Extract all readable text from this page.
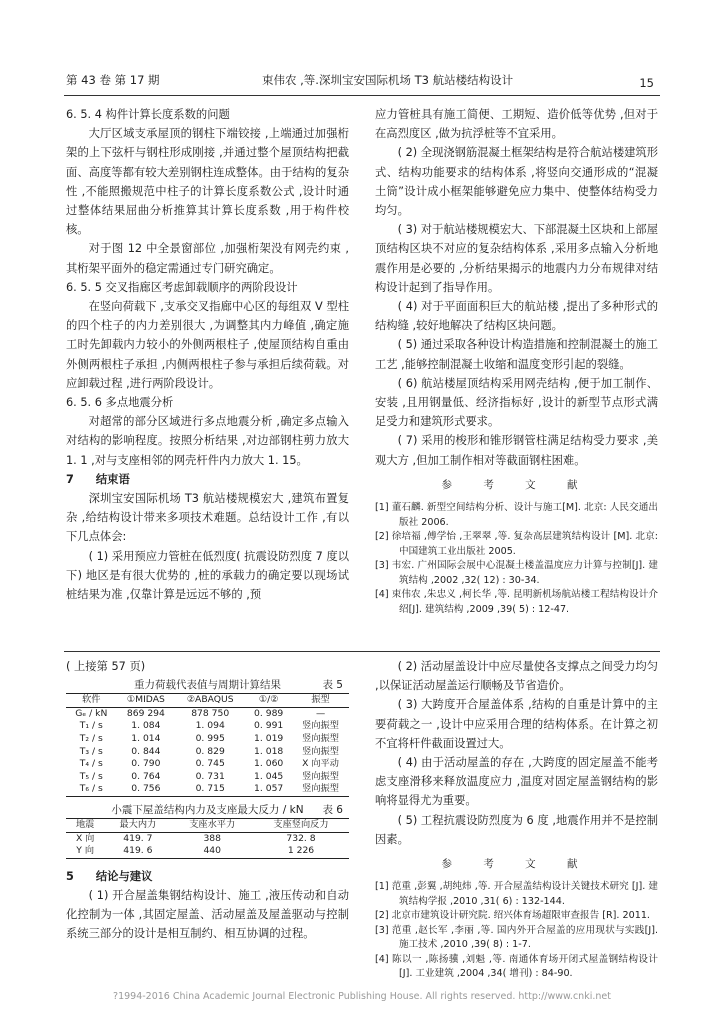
第 43 卷 第 17 期	束伟农 ,等.深圳宝安国际机场 T3 航站楼结构设计	15

6. 5. 4 构件计算长度系数的问题

大厅区域支承屋顶的钢柱下端铰接 ,上端通过加强桁架的上下弦杆与钢柱形成刚接 ,并通过整个屋顶结构把截面、高度等都有较大差别钢柱连成整体。由于结构的复杂性 ,不能照搬规范中柱子的计算长度系数公式 ,设计时通过整体结果屈曲分析推算其计算长度系数 ,用于构件校核。

对于图 12 中全景窗部位 ,加强桁架没有网壳约束 ,其桁架平面外的稳定需通过专门研究确定。

6. 5. 5 交叉指廊区考虑卸载顺序的两阶段设计

在竖向荷载下 ,支承交叉指廊中心区的每组双 V 型柱的四个柱子的内力差别很大 ,为调整其内力峰值 ,确定施工时先卸载内力较小的外侧两根柱子 ,使屋顶结构自重由外侧两根柱子承担 ,内侧两根柱子参与承担后续荷载。对应卸载过程 ,进行两阶段设计。

6. 5. 6 多点地震分析

对超常的部分区域进行多点地震分析 ,确定多点输入对结构的影响程度。按照分析结果 ,对边部钢柱剪力放大 1. 1 ,对与支座相邻的网壳杆件内力放大 1. 15。

7 结束语

深圳宝安国际机场 T3 航站楼规模宏大 ,建筑布置复杂 ,给结构设计带来多项技术难题。总结设计工作 ,有以下几点体会:

( 1) 采用预应力管桩在低烈度( 抗震设防烈度 7 度以下) 地区是有很大优势的 ,桩的承载力的确定要以现场试桩结果为准 ,仅靠计算是远远不够的 ,预

应力管桩具有施工简便、工期短、造价低等优势 ,但对于在高烈度区 ,做为抗浮桩等不宜采用。

( 2) 全现浇钢筋混凝土框架结构是符合航站楼建筑形式、结构功能要求的结构体系 ,将竖向交通形成的“混凝土筒”设计成小框架能够避免应力集中、使整体结构受力均匀。

( 3) 对于航站楼规模宏大、下部混凝土区块和上部屋顶结构区块不对应的复杂结构体系 ,采用多点输入分析地震作用是必要的 ,分析结果揭示的地震内力分布规律对结构设计起到了指导作用。

( 4) 对于平面面积巨大的航站楼 ,提出了多种形式的结构缝 ,较好地解决了结构区块问题。

( 5) 通过采取各种设计构造措施和控制混凝土的施工工艺 ,能够控制混凝土收缩和温度变形引起的裂缝。

( 6) 航站楼屋顶结构采用网壳结构 ,便于加工制作、安装 ,且用钢量低、经济指标好 ,设计的新型节点形式满足受力和建筑形式要求。

( 7) 采用的梭形和锥形钢管柱满足结构受力要求 ,美观大方 ,但加工制作相对等截面钢柱困难。

参 考 文 献

[1] 董石麟. 新型空间结构分析、设计与施工[M]. 北京: 人民交通出版社 2006.

[2] 徐培福 ,傅学怡 ,王翠翠 ,等. 复杂高层建筑结构设计 [M]. 北京: 中国建筑工业出版社 2005.

[3] 韦宏. 广州国际会展中心混凝土楼盖温度应力计算与控制[J]. 建筑结构 ,2002 ,32( 12) : 30-34.

[4] 束伟农 ,朱忠义 ,柯长华 ,等. 昆明新机场航站楼工程结构设计介绍[J]. 建筑结构 ,2009 ,39( 5) : 12-47.

( 上接第 57 页)

重力荷载代表值与周期计算结果	表 5
软件	①MIDAS	②ABAQUS	①/②	振型
Gₑ / kN	869 294	878 750	0. 989	—
T₁ / s	1. 084	1. 094	0. 991	竖向振型
T₂ / s	1. 014	0. 995	1. 019	竖向振型
T₃ / s	0. 844	0. 829	1. 018	竖向振型
T₄ / s	0. 790	0. 745	1. 060	X 向平动
T₅ / s	0. 764	0. 731	1. 045	竖向振型
T₆ / s	0. 756	0. 715	1. 057	竖向振型
小震下屋盖结构内力及支座最大反力 / kN	表 6
地震	最大内力	支座水平力	支座竖向反力
X 向	419. 7	388	732. 8
Y 向	419. 6	440	1 226

5 结论与建议

( 1) 开合屋盖集钢结构设计、施工 ,液压传动和自动化控制为一体 ,其固定屋盖、活动屋盖及屋盖驱动与控制系统三部分的设计是相互制约、相互协调的过程。

( 2) 活动屋盖设计中应尽量使各支撑点之间受力均匀 ,以保证活动屋盖运行顺畅及节省造价。

( 3) 大跨度开合屋盖体系 ,结构的自重是计算中的主要荷载之一 ,设计中应采用合理的结构体系。在计算之初不宜将杆件截面设置过大。

( 4) 由于活动屋盖的存在 ,大跨度的固定屋盖不能考虑支座滑移来释放温度应力 ,温度对固定屋盖钢结构的影响将显得尤为重要。

( 5) 工程抗震设防烈度为 6 度 ,地震作用并不是控制因素。

参 考 文 献

[1] 范重 ,彭翼 ,胡纯炜 ,等. 开合屋盖结构设计关键技术研究 [J]. 建筑结构学报 ,2010 ,31( 6) : 132-144.

[2] 北京市建筑设计研究院. 绍兴体育场超限审查报告 [R]. 2011.

[3] 范重 ,赵长军 ,李丽 ,等. 国内外开合屋盖的应用现状与实践[J]. 施工技术 ,2010 ,39( 8) : 1-7.

[4] 陈以一 ,陈扬骥 ,刘魁 ,等. 南通体育场开闭式屋盖钢结构设计[J]. 工业建筑 ,2004 ,34( 增刊) : 84-90.

?1994-2016 China Academic Journal Electronic Publishing House. All rights reserved. http://www.cnki.net
